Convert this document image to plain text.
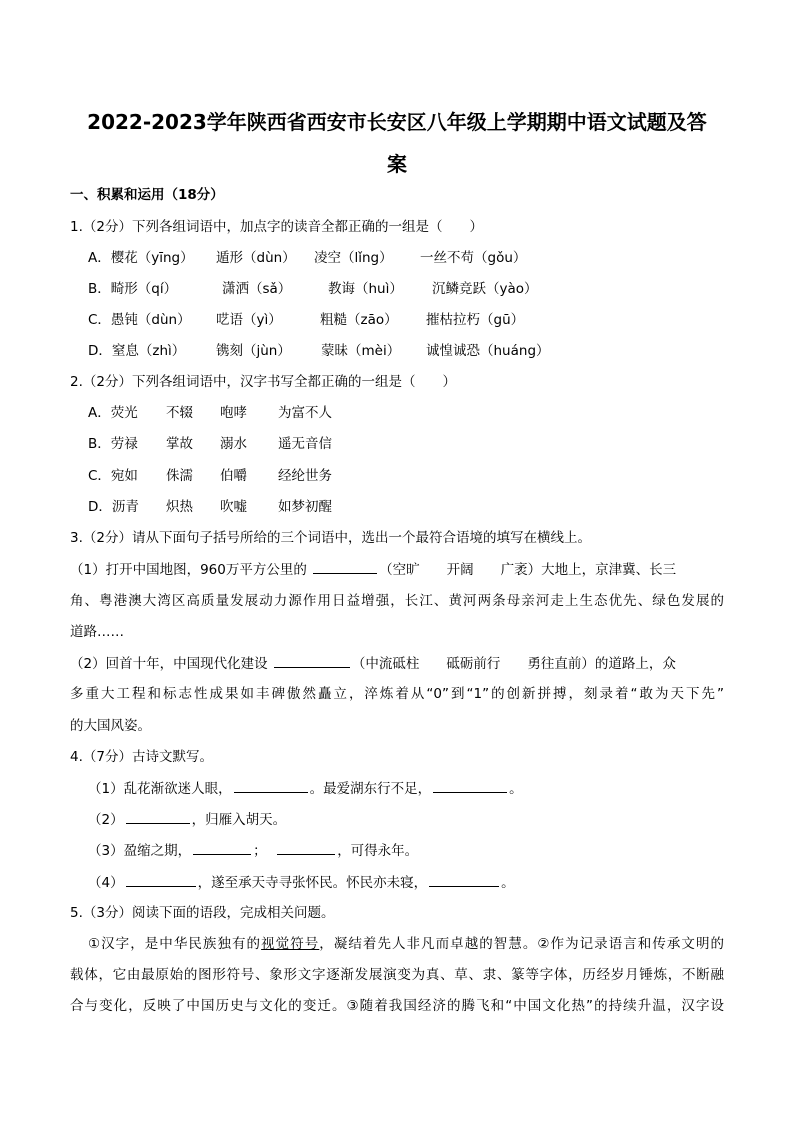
2022-2023学年陕西省西安市长安区八年级上学期期中语文试题及答
案
一、积累和运用（18分）
1.（2分）下列各组词语中，加点字的读音全都正确的一组是（　　）
A．樱花（yīng） 遁形（dùn） 凌空（lǐng） 一丝不苟（gǒu）
B．畸形（qí）	潇洒（sǎ）	教诲（huì） 沉鳞竞跃（yào）
C．愚钝（dùn） 呓语（yì）	粗糙（zāo） 摧枯拉朽（gū）
D．窒息（zhì） 镌刻（jùn） 蒙昧（mèi） 诚惶诚恐（huáng）
2.（2分）下列各组词语中，汉字书写全都正确的一组是（　　）
A．荧光 不辍 咆哮 为富不人
B．劳禄 掌故 溺水 遥无音信
C．宛如 侏濡 伯嚼 经纶世务
D．沥青 炽热 吹嘘 如梦初醒
3.（2分）请从下面句子括号所给的三个词语中，选出一个最符合语境的填写在横线上。
（1）打开中国地图，960万平方公里的	（空旷　　开阔　　广袤）大地上，京津冀、长三
角、粤港澳大湾区高质量发展动力源作用日益增强，长江、黄河两条母亲河走上生态优先、绿色发展的
道路……
（2）回首十年，中国现代化建设	（中流砥柱　　砥砺前行　　勇往直前）的道路上，众
多重大工程和标志性成果如丰碑傲然矗立，淬炼着从“0”到“1”的创新拼搏，刻录着“敢为天下先”
的大国风姿。
4.（7分）古诗文默写。
（1）乱花渐欲迷人眼，	。最爱湖东行不足，	。
（2）	，归雁入胡天。
（3）盈缩之期，	；	，可得永年。
（4）	，遂至承天寺寻张怀民。怀民亦未寝，	。
5.（3分）阅读下面的语段，完成相关问题。
①汉字，是中华民族独有的视觉符号，凝结着先人非凡而卓越的智慧。②作为记录语言和传承文明的
载体，它由最原始的图形符号、象形文字逐渐发展演变为真、草、隶、篆等字体，历经岁月锤炼，不断融
合与变化，反映了中国历史与文化的变迁。③随着我国经济的腾飞和“中国文化热”的持续升温，汉字设
